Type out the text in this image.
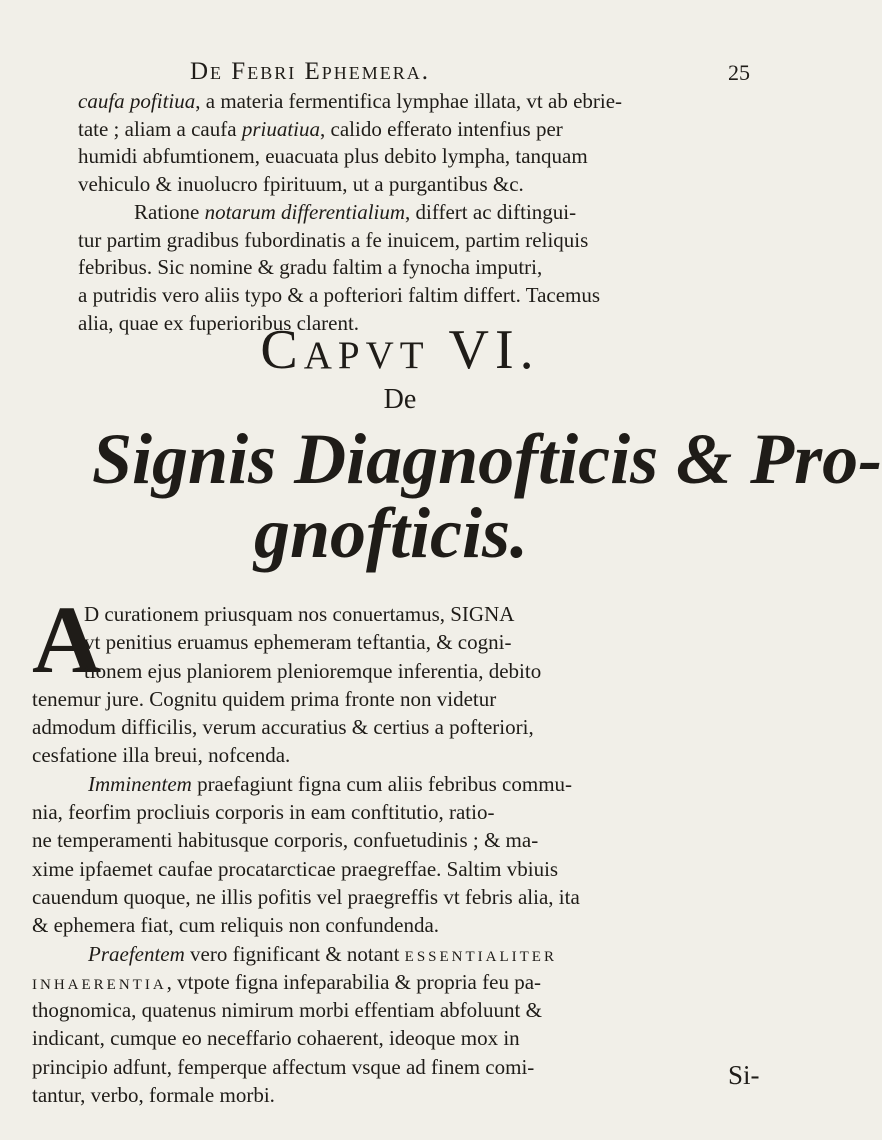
De Febri Ephemera.	25
caufa pofitiua, a materia fermentifica lymphae illata, vt ab ebrie-
tate ; aliam a caufa priuatiua, calido efferato intenfius per
humidi abfumtionem, euacuata plus debito lympha, tanquam
vehiculo & inuolucro fpirituum, ut a purgantibus &c.
Ratione notarum differentialium, differt ac diftingui-
tur partim gradibus fubordinatis a fe inuicem, partim reliquis
febribus. Sic nomine & gradu faltim a fynocha imputri,
a putridis vero aliis typo & a pofteriori faltim differt. Tacemus
alia, quae ex fuperioribus clarent.
Capvt VI.
De
Signis Diagnofticis & Pro-
gnofticis.
A
D curationem priusquam nos conuertamus, SIGNA
vt penitius eruamus ephemeram teftantia, & cogni-
tionem ejus planiorem plenioremque inferentia, debito
tenemur jure. Cognitu quidem prima fronte non videtur
admodum difficilis, verum accuratius & certius a pofteriori,
cesfatione illa breui, nofcenda.
Imminentem praefagiunt figna cum aliis febribus commu-
nia, feorfim procliuis corporis in eam conftitutio, ratio-
ne temperamenti habitusque corporis, confuetudinis ; & ma-
xime ipfaemet caufae procatarcticae praegreffae. Saltim vbiuis
cauendum quoque, ne illis pofitis vel praegreffis vt febris alia, ita
& ephemera fiat, cum reliquis non confundenda.
Praefentem vero fignificant & notant essentialiter
inhaerentia, vtpote figna infeparabilia & propria feu pa-
thognomica, quatenus nimirum morbi effentiam abfoluunt &
indicant, cumque eo neceffario cohaerent, ideoque mox in
principio adfunt, femperque affectum vsque ad finem comi-
tantur, verbo, formale morbi.
Si-
